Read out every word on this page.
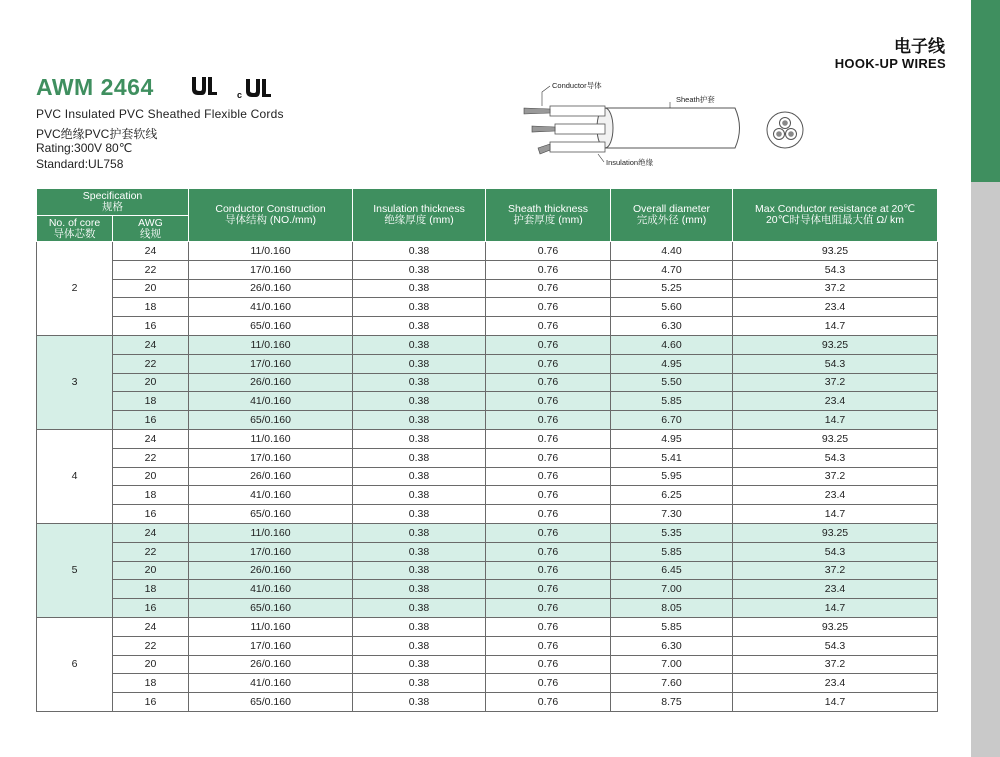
电子线
HOOK-UP WIRES
AWM 2464	c
PVC Insulated PVC Sheathed Flexible Cords
PVC绝缘PVC护套软线
Rating:300V 80℃
Standard:UL758
Conductor导体
Sheath护套
Insulation绝缘
Specification
规格		Conductor Construction
导体结构 (NO./mm)	Insulation thickness
绝缘厚度 (mm)	Sheath thickness
护套厚度 (mm)	Overall diameter
完成外径 (mm)	Max Conductor resistance at 20℃
20℃时导体电阻最大值 Ω/ km
No. of core
导体芯数	AWG
线规					
2	24	11/0.160	0.38	0.76	4.40	93.25
	22	17/0.160	0.38	0.76	4.70	54.3
	20	26/0.160	0.38	0.76	5.25	37.2
	18	41/0.160	0.38	0.76	5.60	23.4
	16	65/0.160	0.38	0.76	6.30	14.7
3	24	11/0.160	0.38	0.76	4.60	93.25
	22	17/0.160	0.38	0.76	4.95	54.3
	20	26/0.160	0.38	0.76	5.50	37.2
	18	41/0.160	0.38	0.76	5.85	23.4
	16	65/0.160	0.38	0.76	6.70	14.7
4	24	11/0.160	0.38	0.76	4.95	93.25
	22	17/0.160	0.38	0.76	5.41	54.3
	20	26/0.160	0.38	0.76	5.95	37.2
	18	41/0.160	0.38	0.76	6.25	23.4
	16	65/0.160	0.38	0.76	7.30	14.7
5	24	11/0.160	0.38	0.76	5.35	93.25
	22	17/0.160	0.38	0.76	5.85	54.3
	20	26/0.160	0.38	0.76	6.45	37.2
	18	41/0.160	0.38	0.76	7.00	23.4
	16	65/0.160	0.38	0.76	8.05	14.7
6	24	11/0.160	0.38	0.76	5.85	93.25
	22	17/0.160	0.38	0.76	6.30	54.3
	20	26/0.160	0.38	0.76	7.00	37.2
	18	41/0.160	0.38	0.76	7.60	23.4
	16	65/0.160	0.38	0.76	8.75	14.7
